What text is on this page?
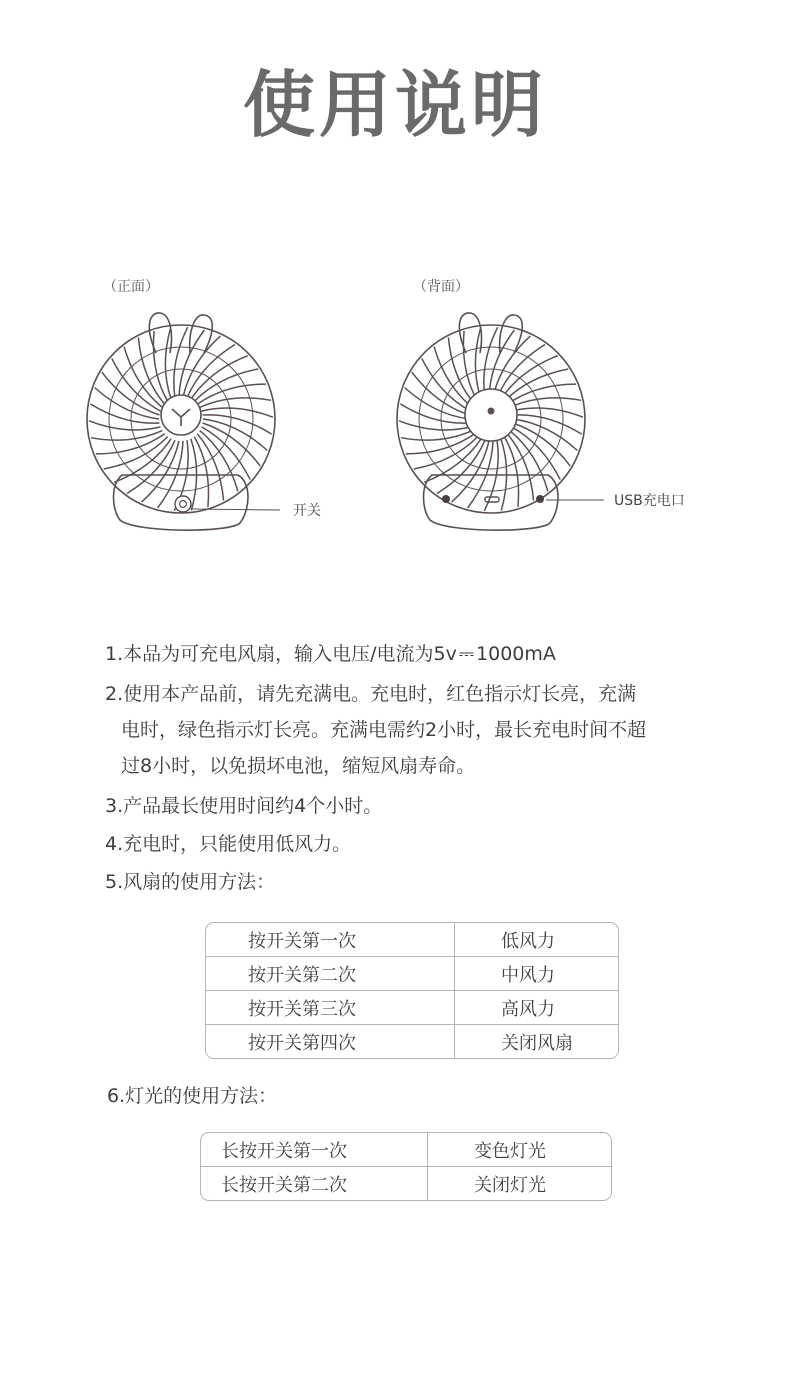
使用说明
（正面）
开关
（背面）
USB充电口
1.本品为可充电风扇，输入电压/电流为5v ⎓ 1000mA
2.使用本产品前，请先充满电。充电时，红色指示灯长亮，充满
电时，绿色指示灯长亮。充满电需约2小时，最长充电时间不超
过8小时，以免损坏电池，缩短风扇寿命。
3.产品最长使用时间约4个小时。
4.充电时，只能使用低风力。
5.风扇的使用方法：
按开关第一次	低风力
按开关第二次	中风力
按开关第三次	高风力
按开关第四次	关闭风扇
6.灯光的使用方法：
长按开关第一次	变色灯光
长按开关第二次	关闭灯光
